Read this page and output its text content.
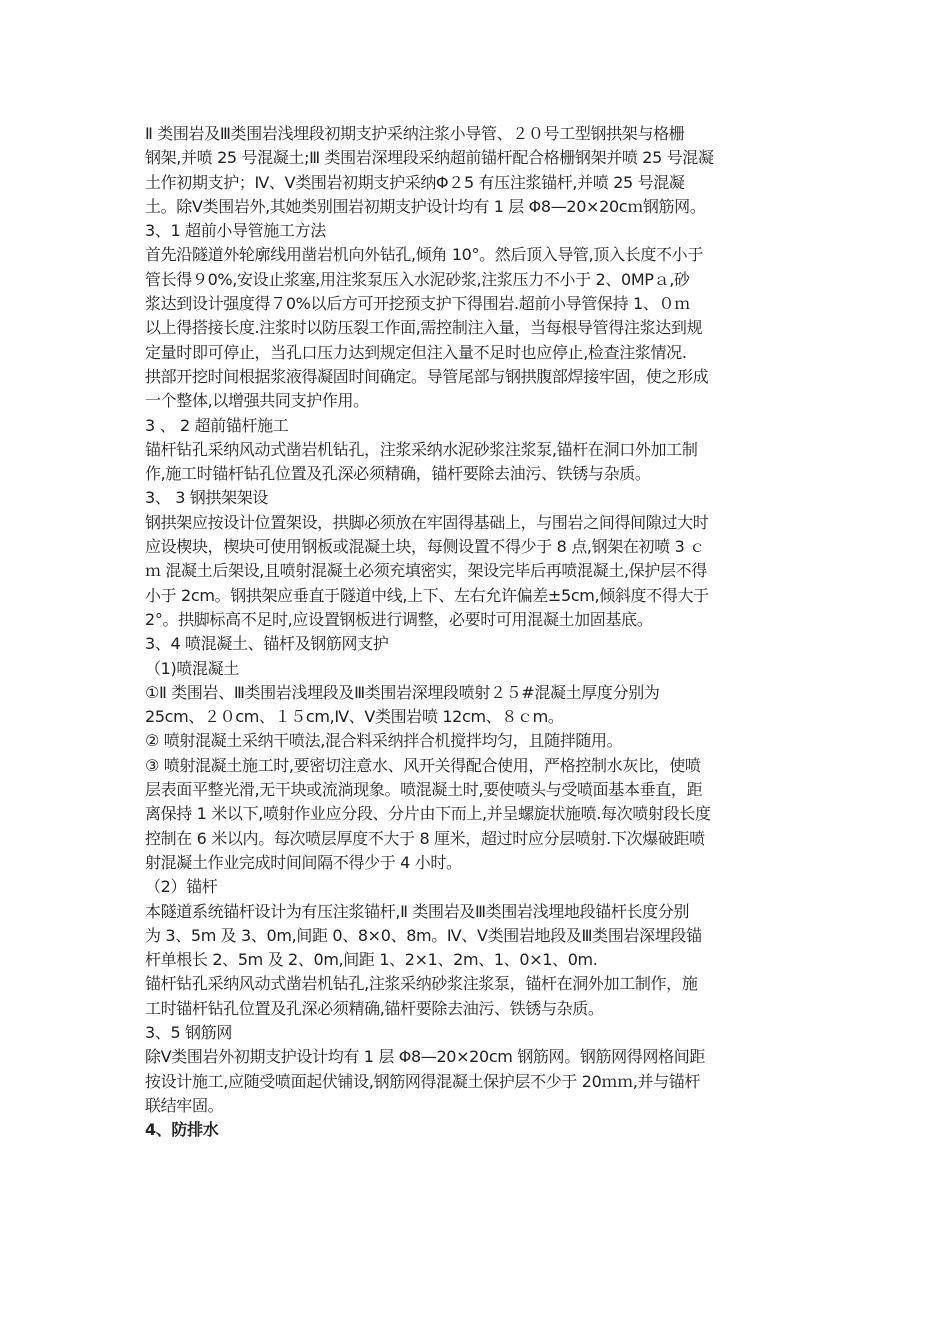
Ⅱ 类围岩及Ⅲ类围岩浅埋段初期支护采纳注浆小导管、２０号工型钢拱架与格栅

钢架,并喷 25 号混凝土;Ⅲ 类围岩深埋段采纳超前锚杆配合格栅钢架并喷 25 号混凝

土作初期支护；Ⅳ、Ⅴ类围岩初期支护采纳Φ２5 有压注浆锚杆,并喷 25 号混凝

土。除Ⅴ类围岩外,其她类别围岩初期支护设计均有 1 层 Φ8—20×20cｍ钢筋网。

3、1 超前小导管施工方法

首先沿隧道外轮廓线用凿岩机向外钻孔,倾角 10°。然后顶入导管,顶入长度不小于

管长得９0%,安设止浆塞,用注浆泵压入水泥砂浆,注浆压力不小于 2、0MPａ,砂

浆达到设计强度得７0%以后方可开挖预支护下得围岩.超前小导管保持 1、０ｍ

以上得搭接长度.注浆时以防压裂工作面,需控制注入量，当每根导管得注浆达到规

定量时即可停止，当孔口压力达到规定但注入量不足时也应停止,检查注浆情况.

拱部开挖时间根据浆液得凝固时间确定。导管尾部与钢拱腹部焊接牢固，使之形成

一个整体,以增强共同支护作用。

3 、 2 超前锚杆施工

锚杆钻孔采纳风动式凿岩机钻孔，注浆采纳水泥砂浆注浆泵,锚杆在洞口外加工制

作,施工时锚杆钻孔位置及孔深必须精确，锚杆要除去油污、铁锈与杂质。

3、 3 钢拱架架设

钢拱架应按设计位置架设，拱脚必须放在牢固得基础上，与围岩之间得间隙过大时

应设楔块，楔块可使用钢板或混凝土块，每侧设置不得少于 8 点,钢架在初喷 3 ｃ

ｍ 混凝土后架设,且喷射混凝土必须充填密实，架设完毕后再喷混凝土,保护层不得

小于 2cm。钢拱架应垂直于隧道中线,上下、左右允许偏差±5cm,倾斜度不得大于

2°。拱脚标高不足时,应设置钢板进行调整，必要时可用混凝土加固基底。

3、4 喷混凝土、锚杆及钢筋网支护

（1)喷混凝土

①Ⅱ 类围岩、Ⅲ类围岩浅埋段及Ⅲ类围岩深埋段喷射２５#混凝土厚度分别为

25cm、２０cm、１５cm,Ⅳ、Ⅴ类围岩喷 12cm、８ｃm。

② 喷射混凝土采纳干喷法,混合料采纳拌合机搅拌均匀，且随拌随用。

③ 喷射混凝土施工时,要密切注意水、风开关得配合使用，严格控制水灰比，使喷

层表面平整光滑,无干块或流淌现象。喷混凝土时,要使喷头与受喷面基本垂直，距

离保持 1 米以下,喷射作业应分段、分片由下而上,并呈螺旋状施喷.每次喷射段长度

控制在 6 米以内。每次喷层厚度不大于 8 厘米，超过时应分层喷射.下次爆破距喷

射混凝土作业完成时间间隔不得少于 4 小时。

（2）锚杆

本隧道系统锚杆设计为有压注浆锚杆,Ⅱ 类围岩及Ⅲ类围岩浅埋地段锚杆长度分别

为 3、5m 及 3、0m,间距 0、8×0、8m。Ⅳ、Ⅴ类围岩地段及Ⅲ类围岩深埋段锚

杆单根长 2、5m 及 2、0m,间距 1、2×1、2m、1、0×1、0m.

锚杆钻孔采纳风动式凿岩机钻孔,注浆采纳砂浆注浆泵，锚杆在洞外加工制作，施

工时锚杆钻孔位置及孔深必须精确,锚杆要除去油污、铁锈与杂质。

3、5 钢筋网

除Ⅴ类围岩外初期支护设计均有 1 层 Φ8—20×20cm 钢筋网。钢筋网得网格间距

按设计施工,应随受喷面起伏铺设,钢筋网得混凝土保护层不少于 20ｍｍ,并与锚杆

联结牢固。

4、防排水
